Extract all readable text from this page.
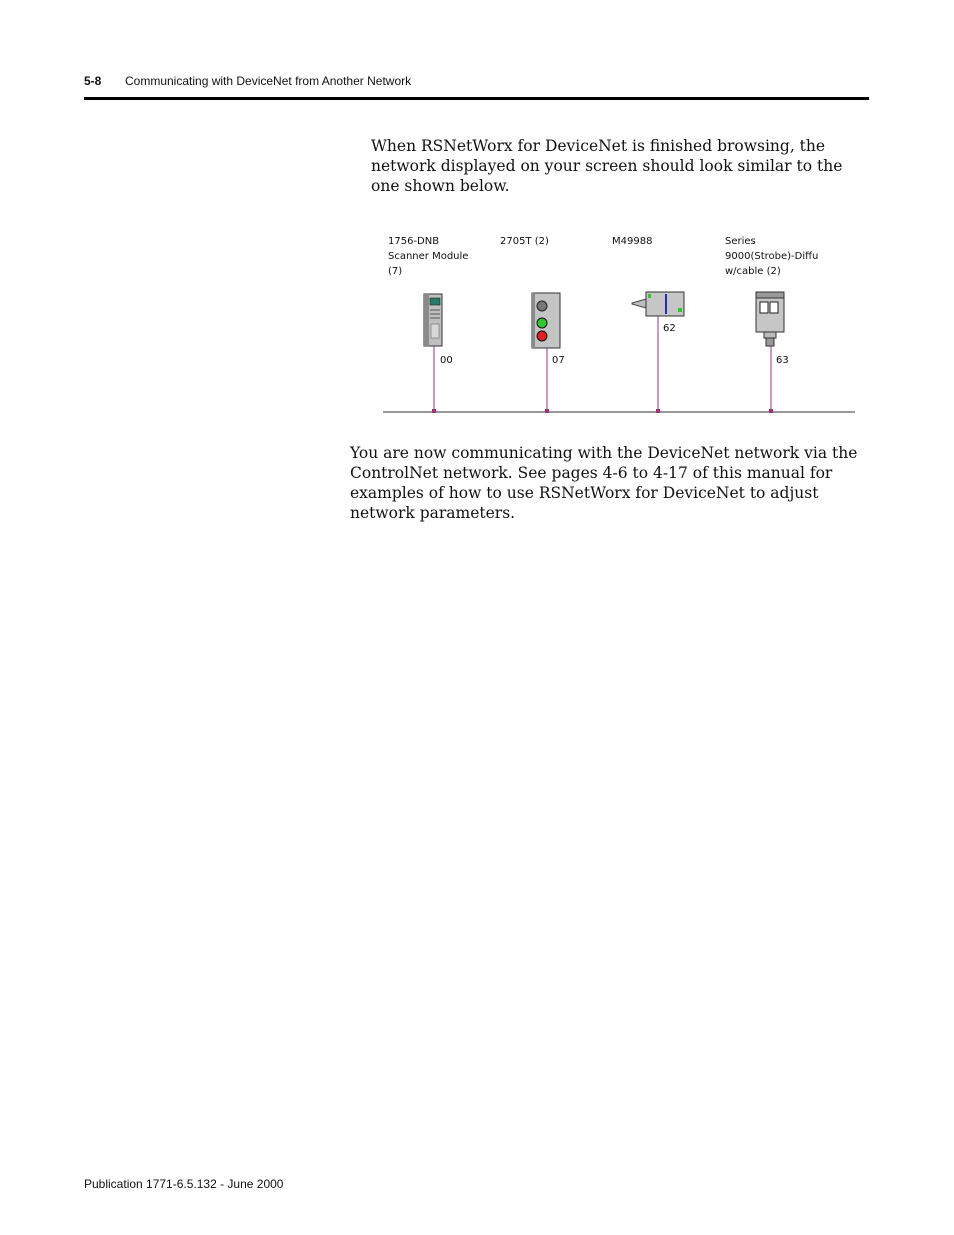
5-8 Communicating with DeviceNet from Another Network

When RSNetWorx for DeviceNet is finished browsing, the network displayed on your screen should look similar to the one shown below.

1756-DNB
Scanner Module
(7)
2705T (2)	M49988	Series
9000(Strobe)-Diffu
w/cable (2)
00	07
62
63

You are now communicating with the DeviceNet network via the ControlNet network. See pages 4-6 to 4-17 of this manual for examples of how to use RSNetWorx for DeviceNet to adjust network parameters.

Publication 1771-6.5.132 - June 2000
